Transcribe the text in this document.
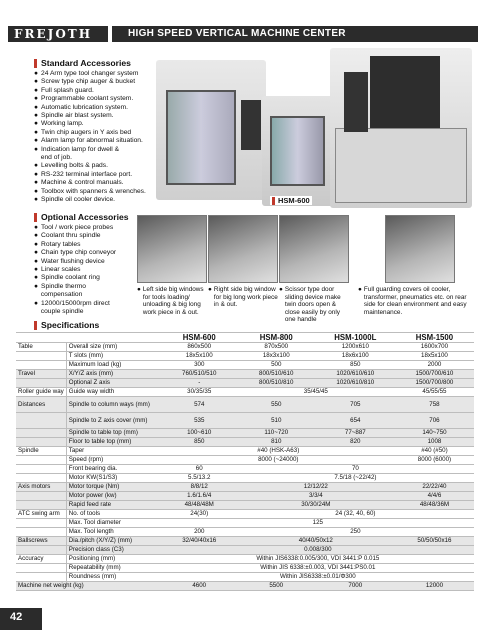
FREJOTH	HIGH SPEED VERTICAL MACHINE CENTER
Standard Accessories
● 24 Arm type tool changer system
● Screw type chip auger & bucket
● Full splash guard.
● Programmable coolant system.
● Automatic lubrication system.
● Spindle air blast system.
● Working lamp.
● Twin chip augers in Y axis bed
● Alarm lamp for abnormal situation.
● Indication lamp for dwell &

end of job.
● Levelling bolts & pads.
● RS-232 terminal interface port.
● Machine & control manuals.
● Toolbox with spanners & wrenches.
● Spindle oil cooler device.	HSM-600
Optional Accessories
● Tool / work piece probes
● Coolant thru spindle
● Rotary tables
● Chain type chip conveyor
● Water flushing device
● Linear scales
● Spindle coolant ring
● Spindle thermo

compensation
● 12000/15000rpm direct

couple spindle
● Left side big windows for tools loading/ unloading & big long work piece in & out.
● Right side big window for big long work piece in & out.
● Scissor type door sliding device make twin doors open & close easily by only one handle
● Full guarding covers oil cooler, transformer, pneumatics etc. on rear side for clean environment and easy maintenance.
Specifications
		HSM-600	HSM-800	HSM-1000L	HSM-1500
Table	Overall size (mm)	860x500	870x500	1200x610	1600x700
	T slots (mm)	18x5x100	18x3x100	18x6x100	18x5x100
	Maximum load (kg)	300	500	850	2000
Travel	X/Y/Z axis (mm)	760/510/510	800/510/610	1020/610/610	1500/700/610
	Optional Z axis	-	800/510/810	1020/610/810	1500/700/800
Roller guide way	Guide way width	30/35/35	35/45/45		45/55/55
Distances	Spindle to column ways (mm)	574	550	705	758
	Spindle to Z axis cover (mm)	535	510	654	706
	Spindle to table top (mm)	100~610	110~720	77~887	140~750
	Floor to table top (mm)	850	810	820	1008
Spindle	Taper	#40 (HSK-A63)			#40 (#50)
	Speed (rpm)	8000 (~24000)			8000 (6000)
	Front bearing dia.	60	70		
	Motor KW(S1/S3)	5.5/13.2	7.5/18 (~22/42)		
Axis motors	Motor torque (Nm)	8/8/12	12/12/22		22/22/40
	Motor power (kw)	1.6/1.6/4	3/3/4		4/4/6
	Rapid feed rate	48/48/48M	30/30/24M		48/48/36M
ATC swing arm	No. of tools	24(30)	24 (32, 40, 60)		
	Max. Tool diameter	125			
	Max. Tool length	200	250		
Ballscrews	Dia./pitch (X/Y/Z) (mm)	32/40/40x16	40/40/50x12		50/50/50x16
	Precision class (C3)	0.008/300			
Accuracy	Positioning (mm)	Within JIS6338:0.005/300, VDI 3441:P 0.015			
	Repeatability (mm)	Within JIS 6338:±0.003, VDI 3441:PS0.01			
	Roundness (mm)	Within JIS6338:±0.01/Φ300			
Machine net weight (kg)		4600	5500	7000	12000
42
